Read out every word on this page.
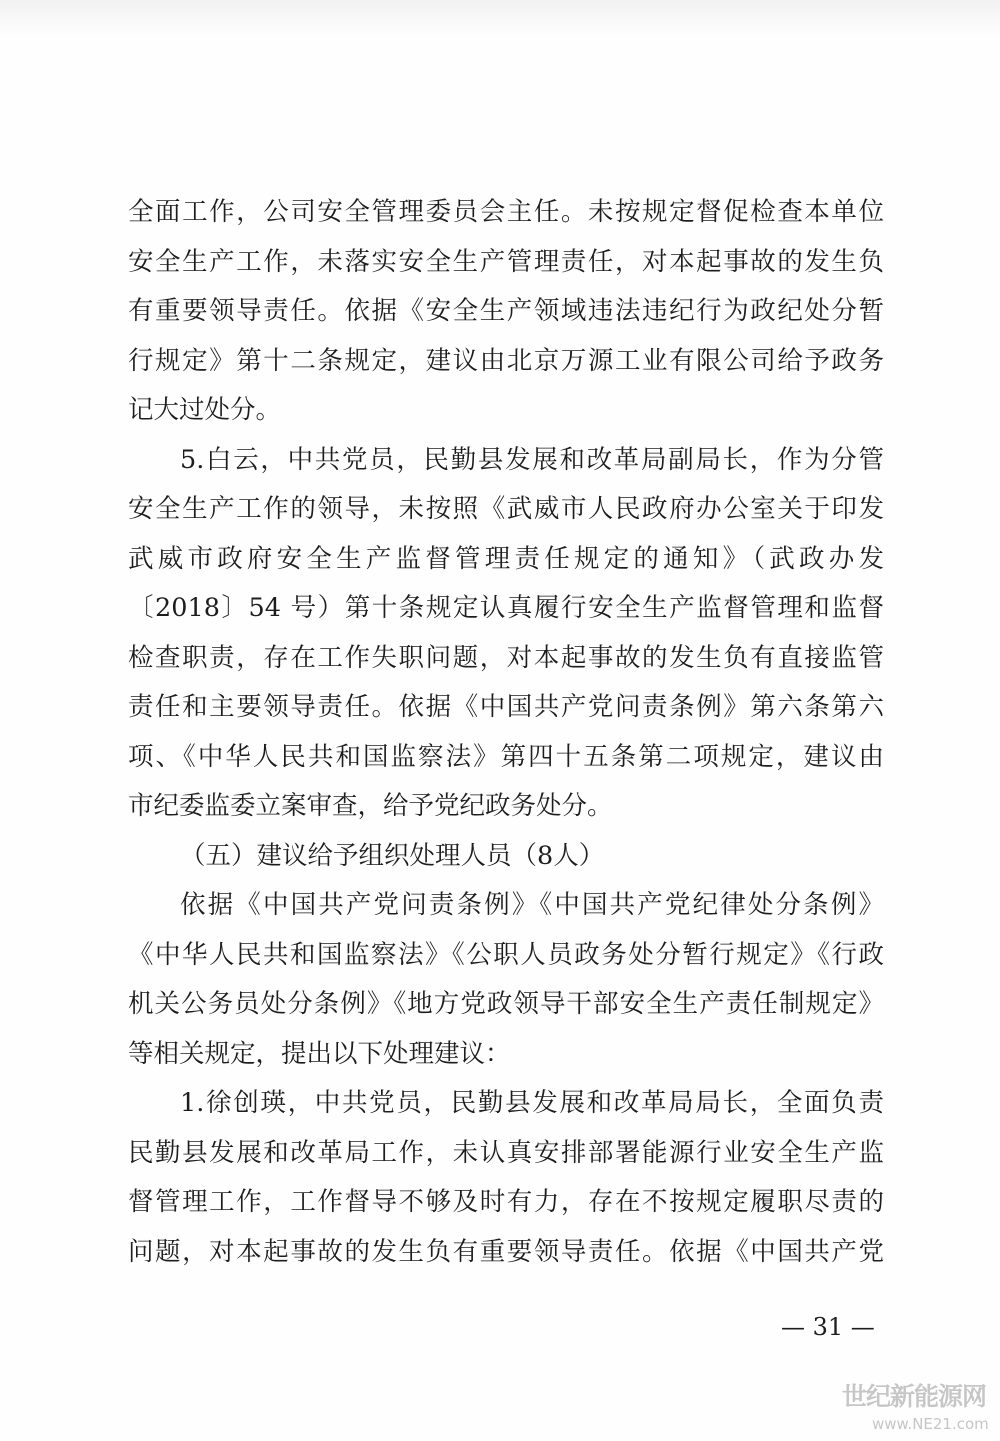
全面工作，公司安全管理委员会主任。未按规定督促检查本单位
安全生产工作，未落实安全生产管理责任，对本起事故的发生负
有重要领导责任。依据《安全生产领域违法违纪行为政纪处分暂
行规定》第十二条规定，建议由北京万源工业有限公司给予政务
记大过处分。
5.白云，中共党员，民勤县发展和改革局副局长，作为分管
安全生产工作的领导，未按照《武威市人民政府办公室关于印发
武威市政府安全生产监督管理责任规定的通知》（武政办发
〔2018〕54 号）第十条规定认真履行安全生产监督管理和监督
检查职责，存在工作失职问题，对本起事故的发生负有直接监管
责任和主要领导责任。依据《中国共产党问责条例》第六条第六
项、《中华人民共和国监察法》第四十五条第二项规定，建议由
市纪委监委立案审查，给予党纪政务处分。
（五）建议给予组织处理人员（8人）
依据《中国共产党问责条例》《中国共产党纪律处分条例》
《中华人民共和国监察法》《公职人员政务处分暂行规定》《行政
机关公务员处分条例》《地方党政领导干部安全生产责任制规定》
等相关规定，提出以下处理建议：
1.徐创瑛，中共党员，民勤县发展和改革局局长，全面负责
民勤县发展和改革局工作，未认真安排部署能源行业安全生产监
督管理工作，工作督导不够及时有力，存在不按规定履职尽责的
问题，对本起事故的发生负有重要领导责任。依据《中国共产党
— 31 —
世纪新能源网
www.NE21.com
